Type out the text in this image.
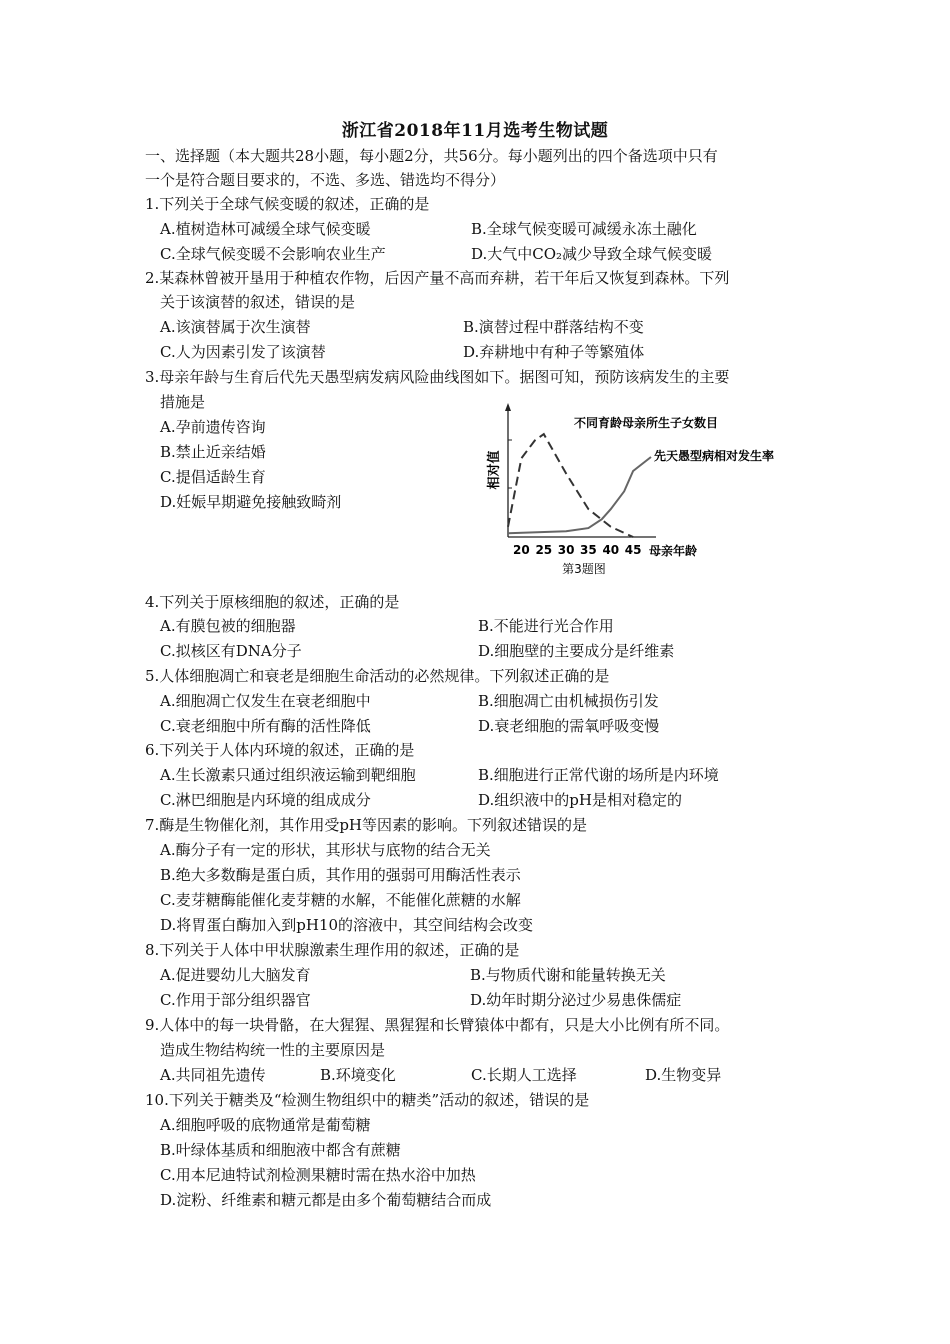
浙江省2018年11月选考生物试题
一、选择题（本大题共28小题，每小题2分，共56分。每小题列出的四个备选项中只有
一个是符合题目要求的，不选、多选、错选均不得分）
1.下列关于全球气候变暖的叙述，正确的是
A.植树造林可减缓全球气候变暖	B.全球气候变暖可减缓永冻土融化
C.全球气候变暖不会影响农业生产	D.大气中CO₂减少导致全球气候变暖
2.某森林曾被开垦用于种植农作物，后因产量不高而弃耕，若干年后又恢复到森林。下列
关于该演替的叙述，错误的是
A.该演替属于次生演替	B.演替过程中群落结构不变
C.人为因素引发了该演替	D.弃耕地中有种子等繁殖体
3.母亲年龄与生育后代先天愚型病发病风险曲线图如下。据图可知，预防该病发生的主要
措施是
A.孕前遗传咨询
B.禁止近亲结婚
C.提倡适龄生育
D.妊娠早期避免接触致畸剂
相对值
20 25 30 35 40 45 母亲年龄
不同育龄母亲所生子女数目
先天愚型病相对发生率
第3题图
4.下列关于原核细胞的叙述，正确的是
A.有膜包被的细胞器	B.不能进行光合作用
C.拟核区有DNA分子	D.细胞壁的主要成分是纤维素
5.人体细胞凋亡和衰老是细胞生命活动的必然规律。下列叙述正确的是
A.细胞凋亡仅发生在衰老细胞中	B.细胞凋亡由机械损伤引发
C.衰老细胞中所有酶的活性降低	D.衰老细胞的需氧呼吸变慢
6.下列关于人体内环境的叙述，正确的是
A.生长激素只通过组织液运输到靶细胞	B.细胞进行正常代谢的场所是内环境
C.淋巴细胞是内环境的组成成分	D.组织液中的pH是相对稳定的
7.酶是生物催化剂，其作用受pH等因素的影响。下列叙述错误的是
A.酶分子有一定的形状，其形状与底物的结合无关
B.绝大多数酶是蛋白质，其作用的强弱可用酶活性表示
C.麦芽糖酶能催化麦芽糖的水解，不能催化蔗糖的水解
D.将胃蛋白酶加入到pH10的溶液中，其空间结构会改变
8.下列关于人体中甲状腺激素生理作用的叙述，正确的是
A.促进婴幼儿大脑发育	B.与物质代谢和能量转换无关
C.作用于部分组织器官	D.幼年时期分泌过少易患侏儒症
9.人体中的每一块骨骼，在大猩猩、黑猩猩和长臂猿体中都有，只是大小比例有所不同。
造成生物结构统一性的主要原因是
A.共同祖先遗传	B.环境变化	C.长期人工选择	D.生物变异
10.下列关于糖类及“检测生物组织中的糖类”活动的叙述，错误的是
A.细胞呼吸的底物通常是葡萄糖
B.叶绿体基质和细胞液中都含有蔗糖
C.用本尼迪特试剂检测果糖时需在热水浴中加热
D.淀粉、纤维素和糖元都是由多个葡萄糖结合而成
